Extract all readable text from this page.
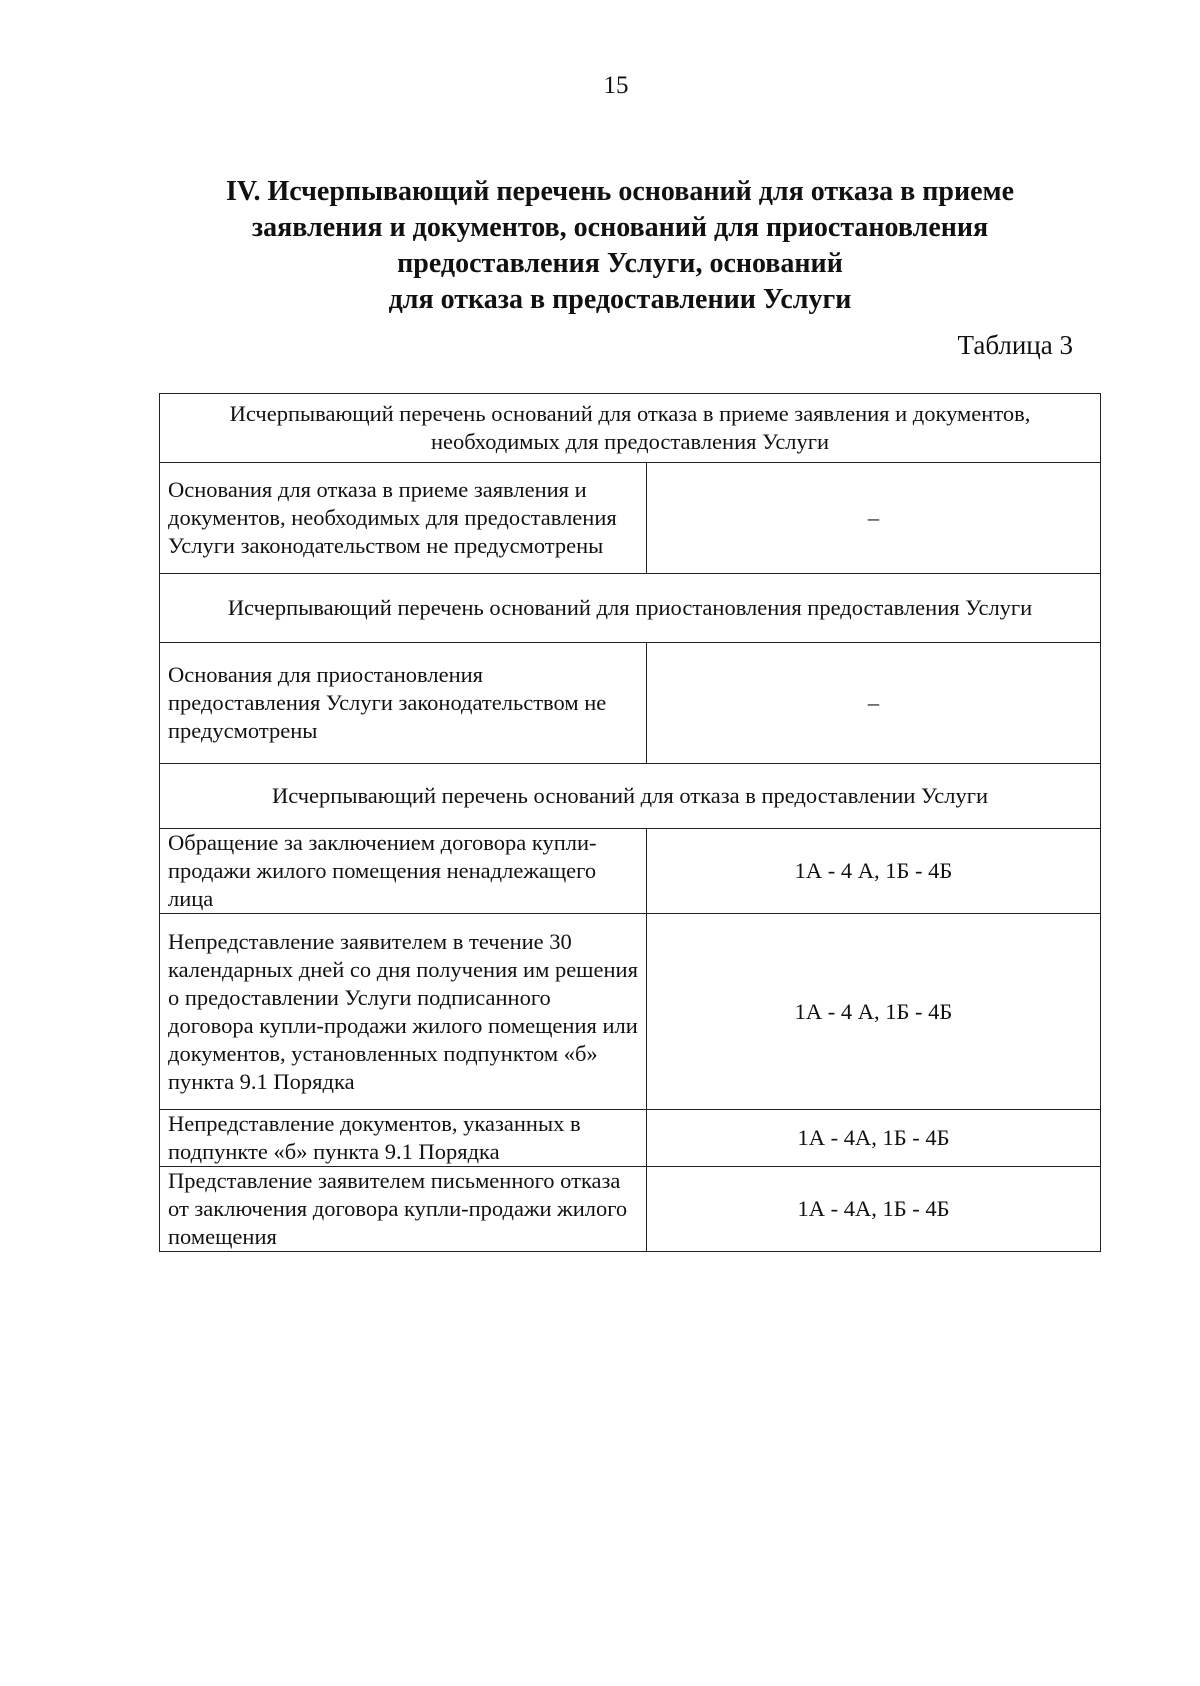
15
IV. Исчерпывающий перечень оснований для отказа в приеме
заявления и документов, оснований для приостановления
предоставления Услуги, оснований
для отказа в предоставлении Услуги
Таблица 3
Исчерпывающий перечень оснований для отказа в приеме заявления и документов,
необходимых для предоставления Услуги	

Основания для отказа в приеме заявления и документов, необходимых для предоставления Услуги законодательством не предусмотрены	–
Исчерпывающий перечень оснований для приостановления предоставления Услуги	
Основания для приостановления предоставления Услуги законодательством не предусмотрены	–
Исчерпывающий перечень оснований для отказа в предоставлении Услуги	
Обращение за заключением договора купли-продажи жилого помещения ненадлежащего лица	1А - 4 А, 1Б - 4Б
Непредставление заявителем в течение 30 календарных дней со дня получения им решения о предоставлении Услуги подписанного договора купли-продажи жилого помещения или документов, установленных подпунктом «б» пункта 9.1 Порядка	1А - 4 А, 1Б - 4Б
Непредставление документов, указанных в подпункте «б» пункта 9.1 Порядка	1А - 4А, 1Б - 4Б
Представление заявителем письменного отказа от заключения договора купли-продажи жилого помещения	1А - 4А, 1Б - 4Б
